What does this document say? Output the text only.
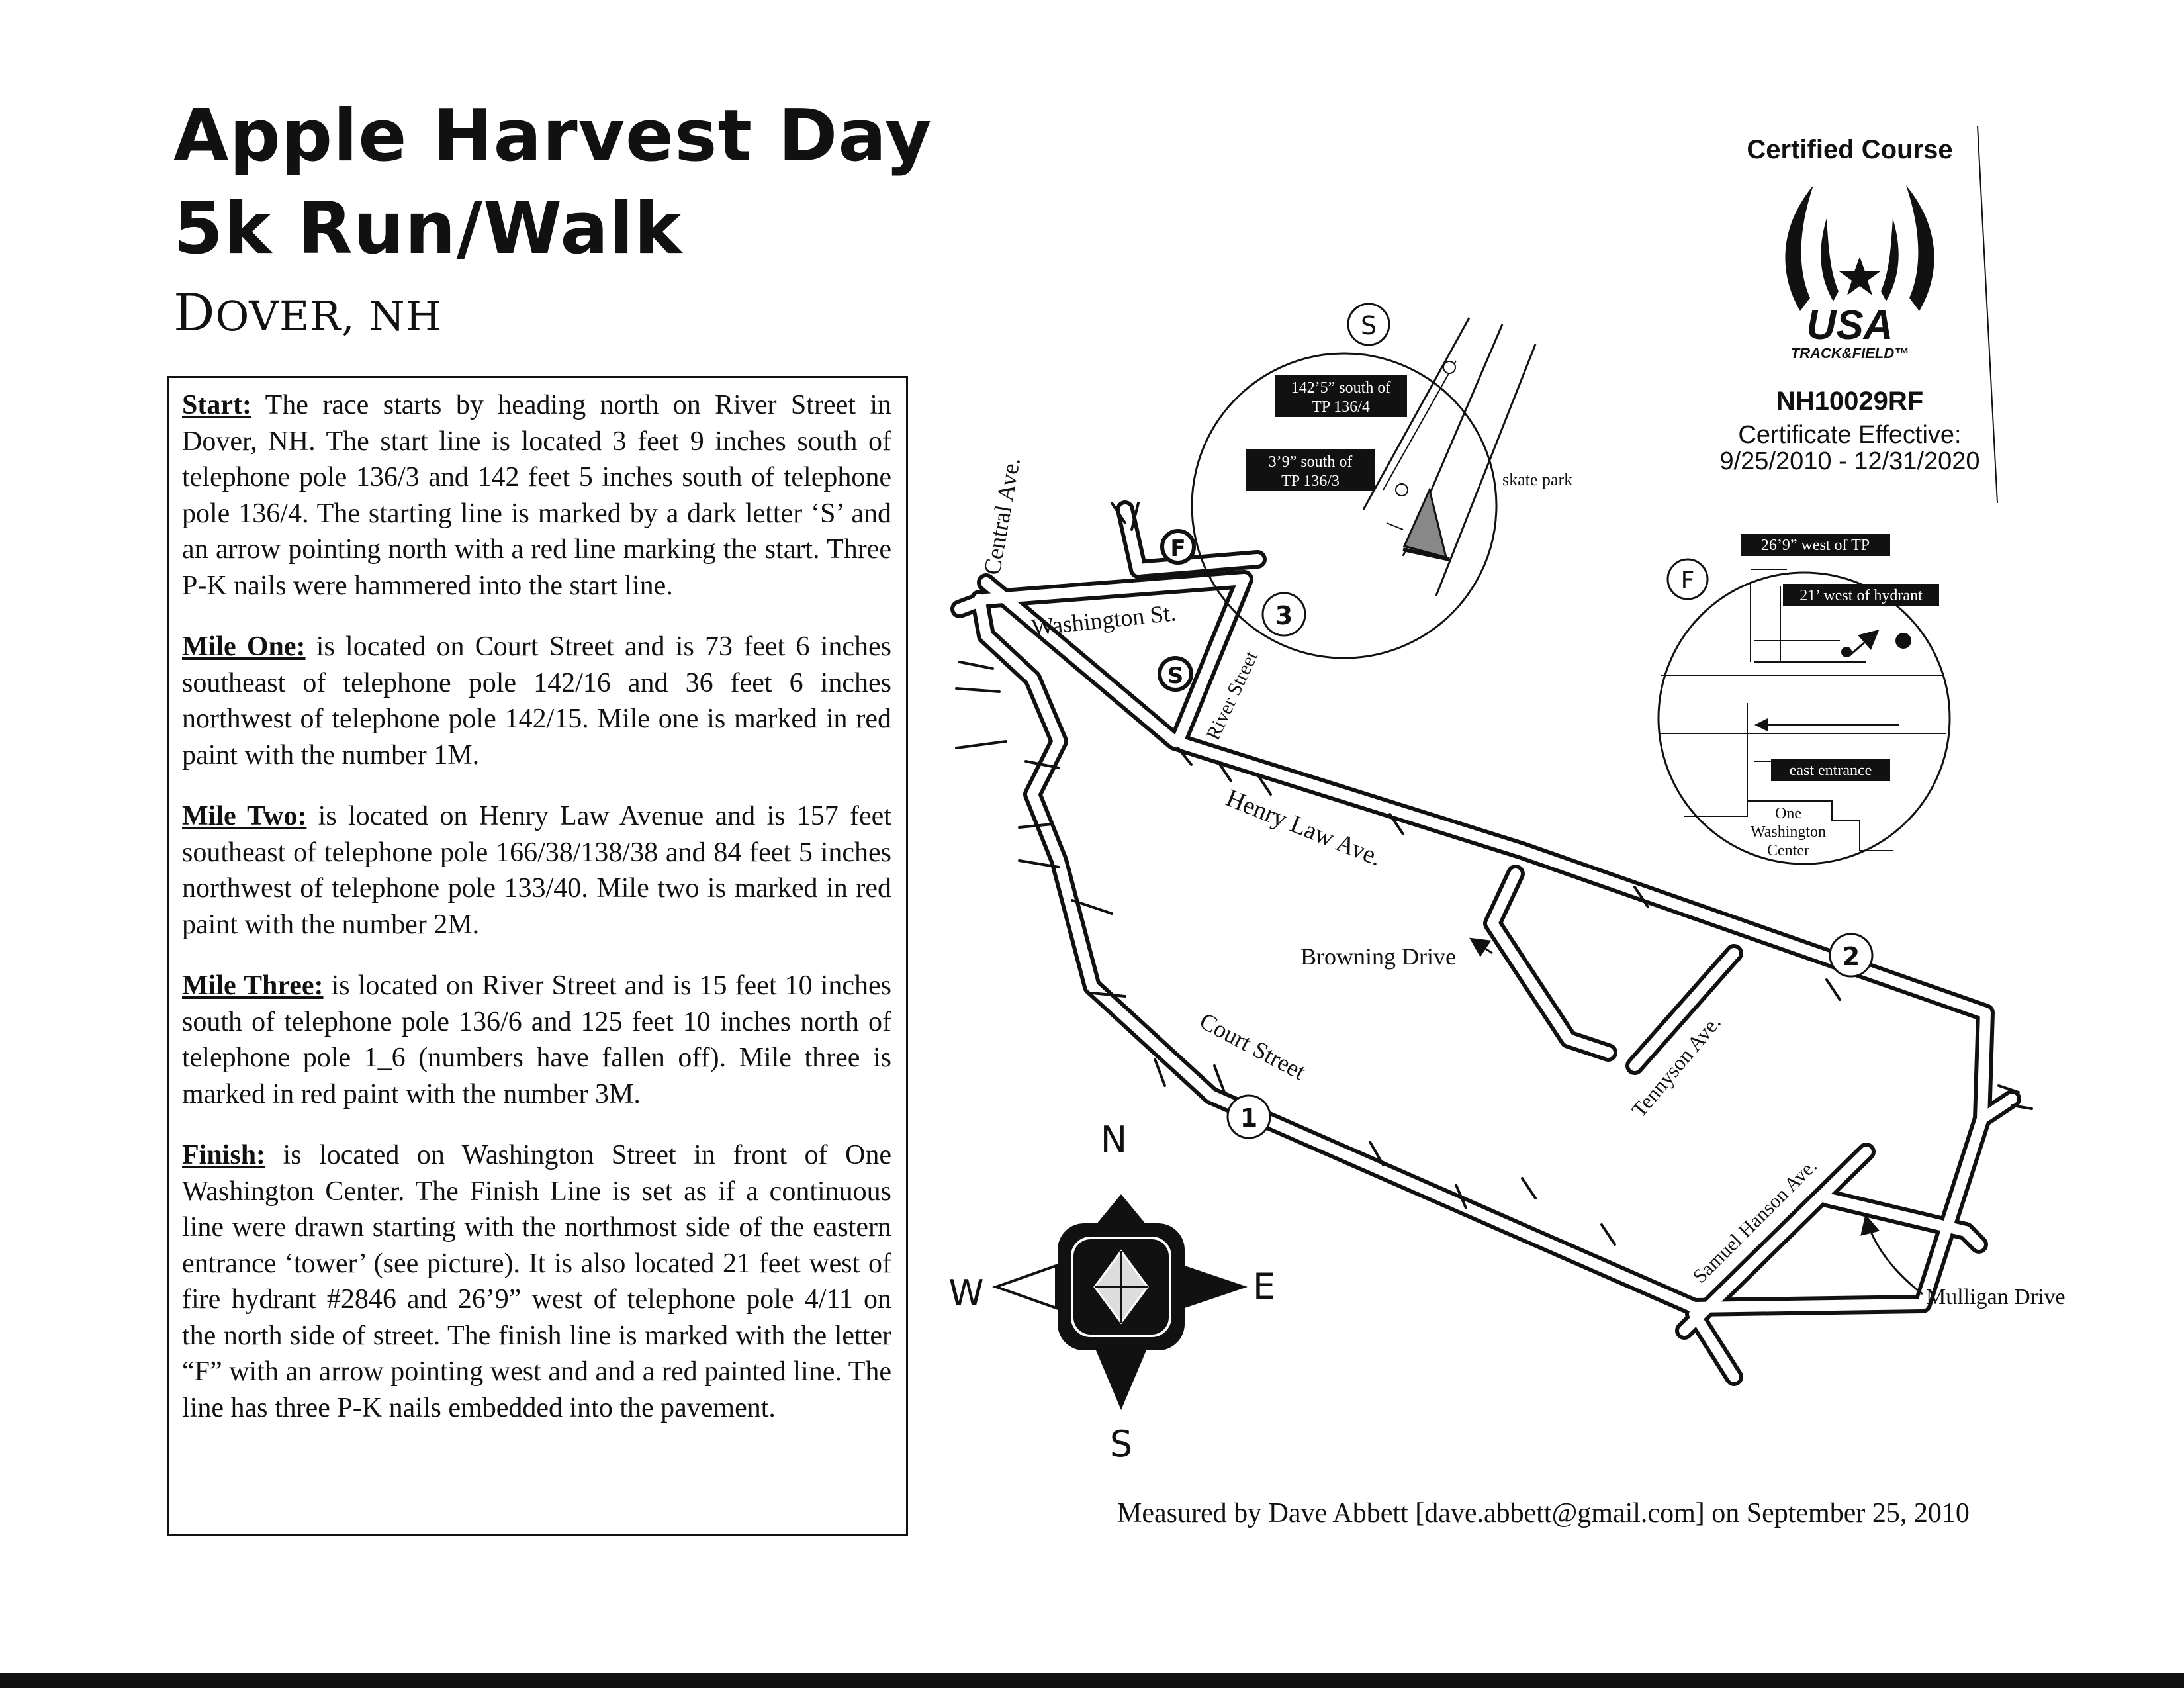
Apple Harvest Day
5k Run/Walk
DOVER, NH

Start: The race starts by heading north on River Street in Dover, NH. The start line is located 3 feet 9 inches south of telephone pole 136/3 and 142 feet 5 inches south of telephone pole 136/4. The starting line is marked by a dark letter ‘S’ and an arrow pointing north with a red line marking the start. Three P-K nails were hammered into the start line.

Mile One: is located on Court Street and is 73 feet 6 inches southeast of telephone pole 142/16 and 36 feet 6 inches northwest of telephone pole 142/15. Mile one is marked in red paint with the number 1M.

Mile Two: is located on Henry Law Avenue and is 157 feet southeast of telephone pole 166/38/138/38 and 84 feet 5 inches northwest of telephone pole 133/40. Mile two is marked in red paint with the number 2M.

Mile Three: is located on River Street and is 15 feet 10 inches south of telephone pole 136/6 and 125 feet 10 inches north of telephone pole 1_6 (numbers have fallen off). Mile three is marked in red paint with the number 3M.

Finish: is located on Washington Street in front of One Washington Center. The Finish Line is set as if a continuous line were drawn starting with the northmost side of the eastern entrance ‘tower’ (see picture). It is also located 21 feet west of fire hydrant #2846 and 26’9” west of telephone pole 4/11 on the north side of street. The finish line is marked with the letter “F” with an arrow pointing west and and a red painted line. The line has three P-K nails embedded into the pavement.

Central Ave.
Washington St.
River Street
Henry Law Ave.
Browning Drive
Court Street	Tennyson Ave.
Samuel Hanson Ave.
Mulligan Drive
F
S
3
2
1
S
142’5” south of
TP 136/4
3’9” south of
TP 136/3	skate park
F
26’9” west of TP
21’ west of hydrant
east entrance
One
Washington
Center
N
S
E
W
Certified Course
USA
TRACK&FIELD™
NH10029RF
Certificate Effective:
9/25/2010 - 12/31/2020
Measured by Dave Abbett [dave.abbett@gmail.com] on September 25, 2010
